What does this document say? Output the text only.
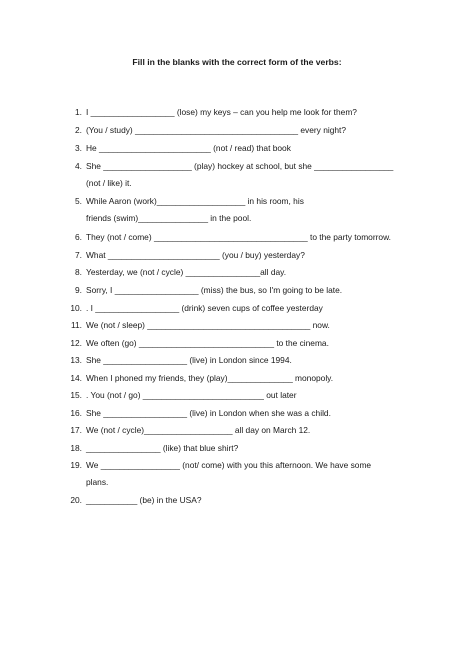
Fill in the blanks with the correct form of the verbs:
1. I __________________ (lose) my keys – can you help me look for them?
2. (You / study) ___________________________________ every night?
3. He ________________________ (not / read) that book
4. She ___________________ (play) hockey at school, but she _________________
(not / like) it.
5. While Aaron (work)___________________ in his room, his
friends (swim)_______________ in the pool.
6. They (not / come) _________________________________ to the party tomorrow.
7. What ________________________ (you / buy) yesterday?
8. Yesterday, we (not / cycle) ________________all day.
9. Sorry, I __________________ (miss) the bus, so I'm going to be late.
10. . I __________________ (drink) seven cups of coffee yesterday
11. We (not / sleep) ___________________________________ now.
12. We often (go) _____________________________ to the cinema.
13. She __________________ (live) in London since 1994.
14. When I phoned my friends, they (play)______________ monopoly.
15. . You (not / go) __________________________ out later
16. She __________________ (live) in London when she was a child.
17. We (not / cycle)___________________ all day on March 12.
18. ________________ (like) that blue shirt?
19. We _________________ (not/ come) with you this afternoon. We have some
plans.
20. ___________ (be) in the USA?
